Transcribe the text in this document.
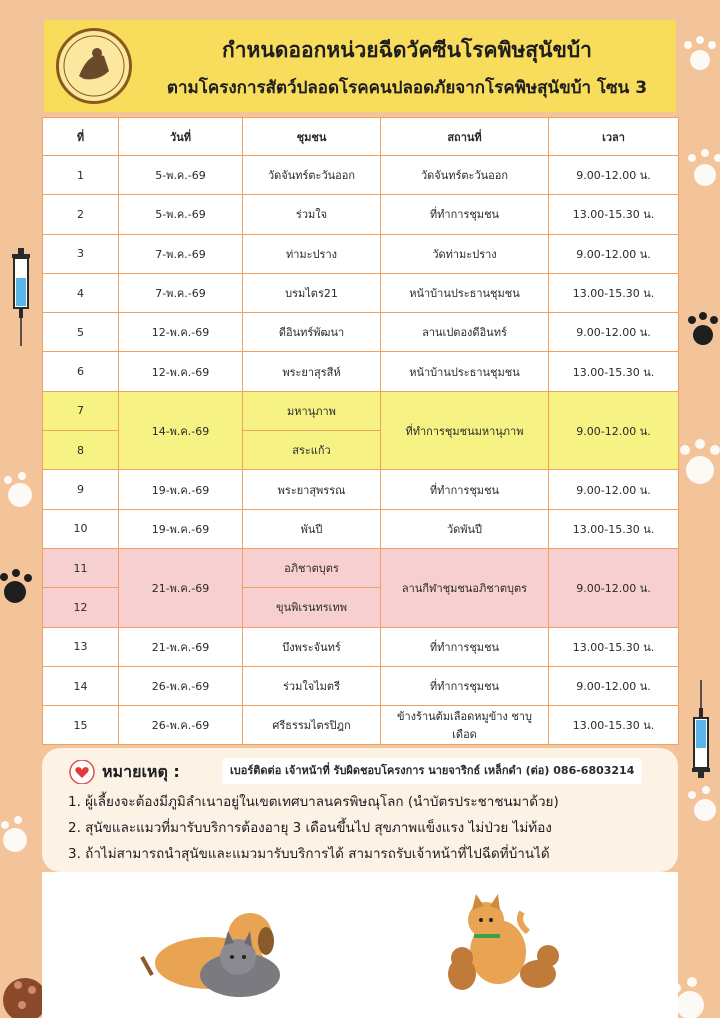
กำหนดออกหน่วยฉีดวัคซีนโรคพิษสุนัขบ้า
ตามโครงการสัตว์ปลอดโรคคนปลอดภัยจากโรคพิษสุนัขบ้า โซน 3
ที่	วันที่	ชุมชน	สถานที่	เวลา
1	5-พ.ค.-69	วัดจันทร์ตะวันออก	วัดจันทร์ตะวันออก	9.00-12.00 น.
2	5-พ.ค.-69	ร่วมใจ	ที่ทำการชุมชน	13.00-15.30 น.
3	7-พ.ค.-69	ท่ามะปราง	วัดท่ามะปราง	9.00-12.00 น.
4	7-พ.ค.-69	บรมไตร21	หน้าบ้านประธานชุมชน	13.00-15.30 น.
5	12-พ.ค.-69	ดีอินทร์พัฒนา	ลานเปตองดีอินทร์	9.00-12.00 น.
6	12-พ.ค.-69	พระยาสุรสีห์	หน้าบ้านประธานชุมชน	13.00-15.30 น.
7	14-พ.ค.-69	มหานุภาพ	ที่ทำการชุมชนมหานุภาพ	9.00-12.00 น.
8		สระแก้ว		
9	19-พ.ค.-69	พระยาสุพรรณ	ที่ทำการชุมชน	9.00-12.00 น.
10	19-พ.ค.-69	พันปี	วัดพันปี	13.00-15.30 น.
11	21-พ.ค.-69	อภิชาตบุตร	ลานกีฬาชุมชนอภิชาตบุตร	9.00-12.00 น.
12		ขุนพิเรนทรเทพ		
13	21-พ.ค.-69	บึงพระจันทร์	ที่ทำการชุมชน	13.00-15.30 น.
14	26-พ.ค.-69	ร่วมใจไมตรี	ที่ทำการชุมชน	9.00-12.00 น.
15	26-พ.ค.-69	ศรีธรรมไตรปิฎก	ข้างร้านต้มเลือดหมูข้าง ชาบูเดือด	13.00-15.30 น.
หมายเหตุ :	เบอร์ติดต่อ เจ้าหน้าที่ รับผิดชอบโครงการ นายจาริกธ์ เหล็กดำ (ต่อ) 086-6803214
1. ผู้เลี้ยงจะต้องมีภูมิลำเนาอยู่ในเขตเทศบาลนครพิษณุโลก (นำบัตรประชาชนมาด้วย)
2. สุนัขและแมวที่มารับบริการต้องอายุ 3 เดือนขึ้นไป สุขภาพแข็งแรง ไม่ป่วย ไม่ท้อง
3. ถ้าไม่สามารถนำสุนัขและแมวมารับบริการได้ สามารถรับเจ้าหน้าที่ไปฉีดที่บ้านได้
